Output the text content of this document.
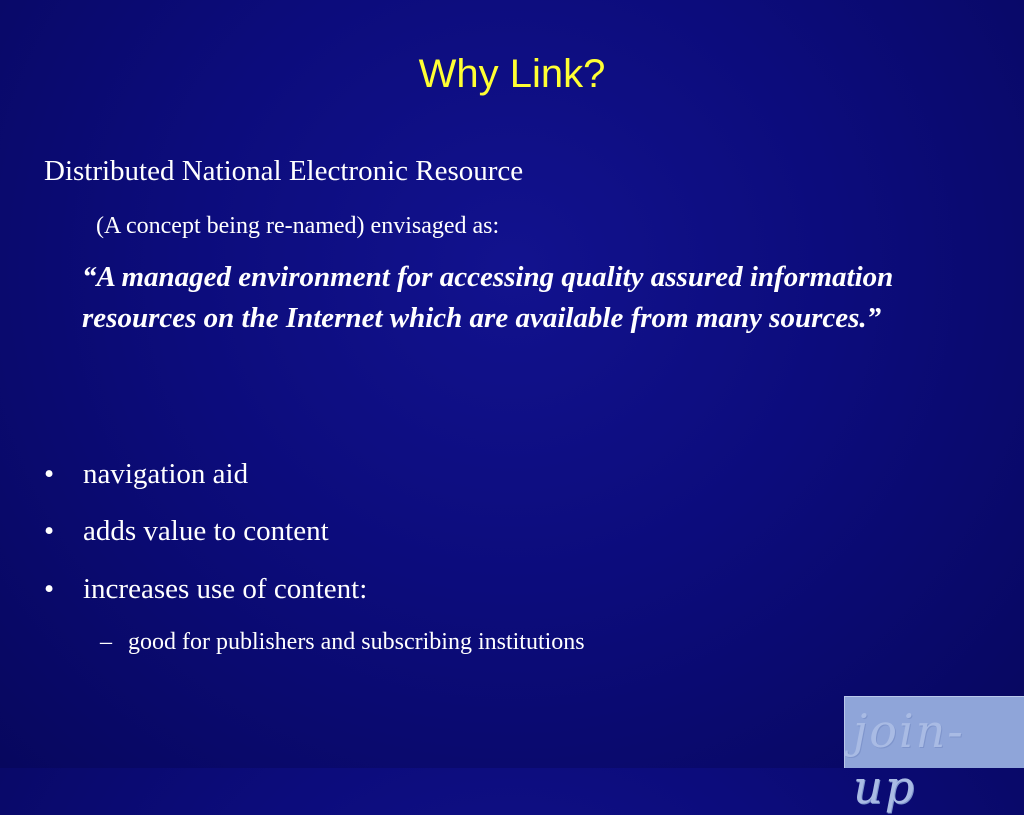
Why Link?
Distributed National Electronic Resource
(A concept being re-named) envisaged as:
“A managed environment for accessing quality assured information resources on the Internet which are available from many sources.”
• navigation aid
• adds value to content
• increases use of content:
– good for publishers and subscribing institutions
join-up
